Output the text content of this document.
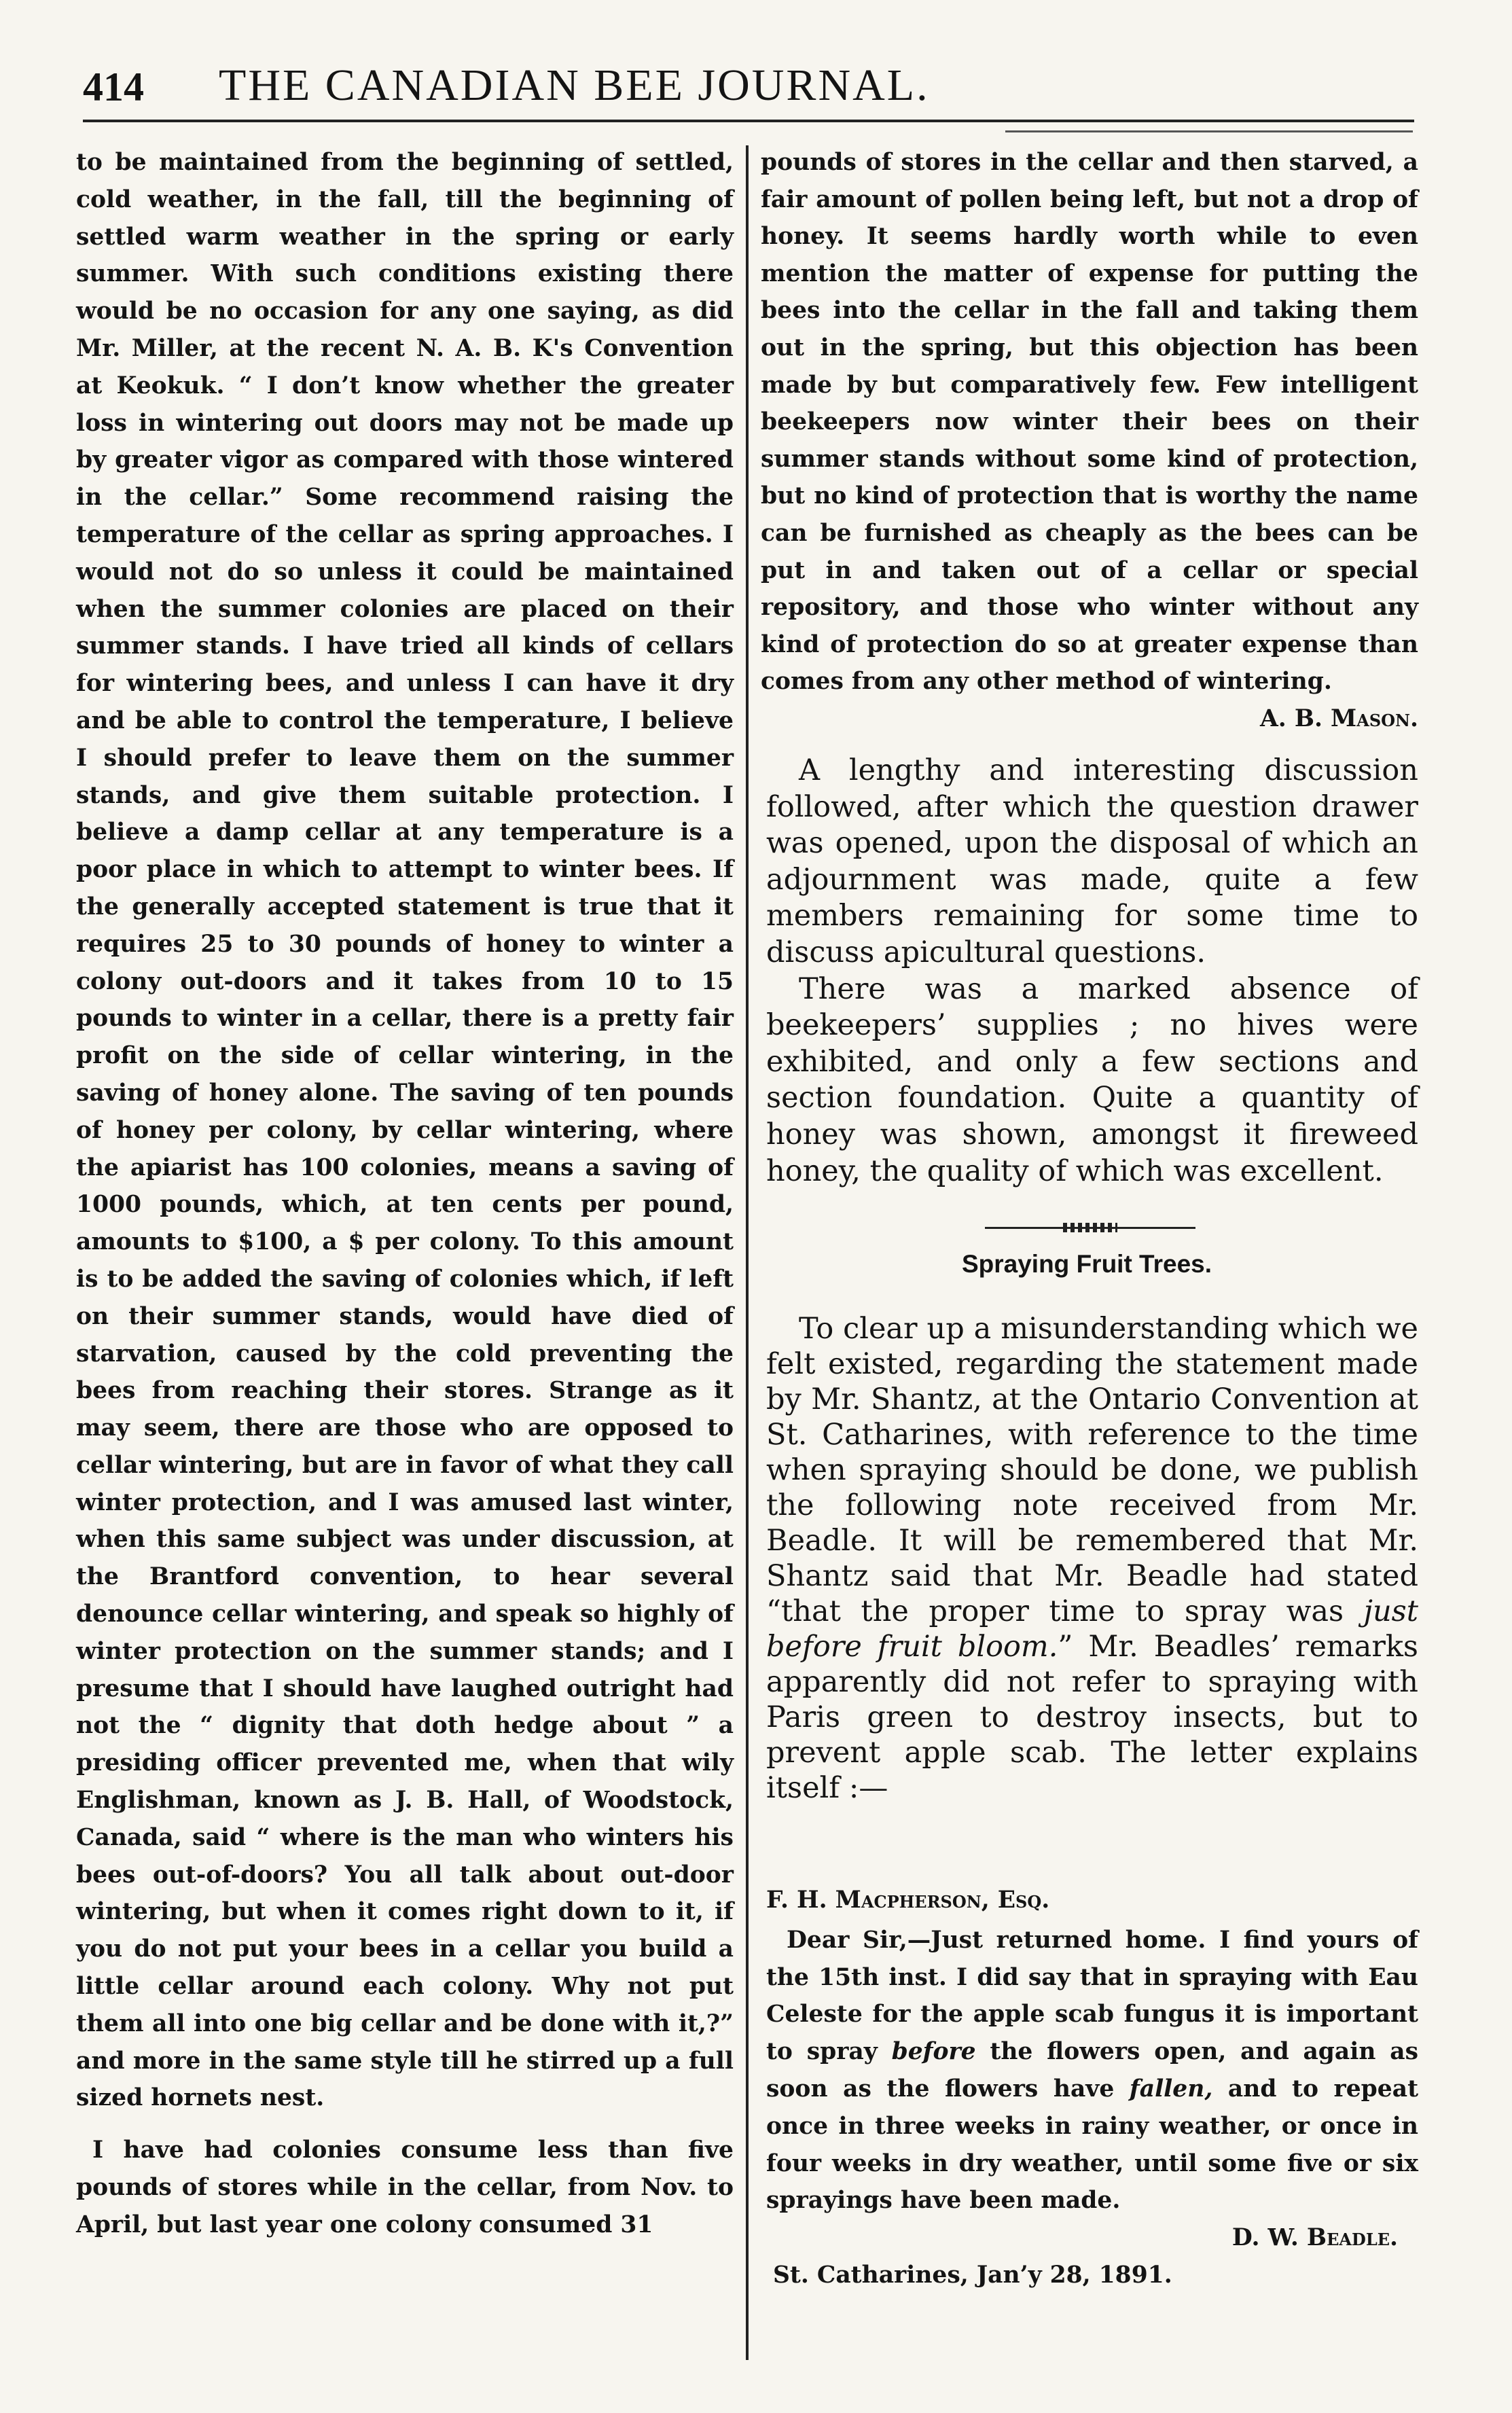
414 THE CANADIAN BEE JOURNAL.

to be maintained from the beginning of settled, cold weather, in the fall, till the beginning of settled warm weather in the spring or early summer. With such conditions existing there would be no occasion for any one saying, as did Mr. Miller, at the recent N. A. B. K's Convention at Keokuk. “ I don’t know whether the greater loss in wintering out doors may not be made up by greater vigor as compared with those wintered in the cellar.” Some recommend raising the temperature of the cellar as spring approaches. I would not do so unless it could be maintained when the summer colonies are placed on their summer stands. I have tried all kinds of cellars for wintering bees, and unless I can have it dry and be able to control the temperature, I believe I should prefer to leave them on the summer stands, and give them suitable protection. I believe a damp cellar at any temperature is a poor place in which to attempt to winter bees. If the generally accepted statement is true that it requires 25 to 30 pounds of honey to winter a colony out-doors and it takes from 10 to 15 pounds to winter in a cellar, there is a pretty fair profit on the side of cellar wintering, in the saving of honey alone. The saving of ten pounds of honey per colony, by cellar wintering, where the apiarist has 100 colonies, means a saving of 1000 pounds, which, at ten cents per pound, amounts to $100, a $ per colony. To this amount is to be added the saving of colonies which, if left on their summer stands, would have died of starvation, caused by the cold preventing the bees from reaching their stores. Strange as it may seem, there are those who are opposed to cellar wintering, but are in favor of what they call winter protection, and I was amused last winter, when this same subject was under discussion, at the Brantford convention, to hear several denounce cellar wintering, and speak so highly of winter protection on the summer stands; and I presume that I should have laughed outright had not the “ dignity that doth hedge about ” a presiding officer prevented me, when that wily Englishman, known as J. B. Hall, of Woodstock, Canada, said “ where is the man who winters his bees out-of-doors? You all talk about out-door wintering, but when it comes right down to it, if you do not put your bees in a cellar you build a little cellar around each colony. Why not put them all into one big cellar and be done with it,?” and more in the same style till he stirred up a full sized hornets nest.

I have had colonies consume less than five pounds of stores while in the cellar, from Nov. to April, but last year one colony consumed 31

pounds of stores in the cellar and then starved, a fair amount of pollen being left, but not a drop of honey. It seems hardly worth while to even mention the matter of expense for putting the bees into the cellar in the fall and taking them out in the spring, but this objection has been made by but comparatively few. Few intelligent beekeepers now winter their bees on their summer stands without some kind of protection, but no kind of protection that is worthy the name can be furnished as cheaply as the bees can be put in and taken out of a cellar or special repository, and those who winter without any kind of protection do so at greater expense than comes from any other method of wintering.

A. B. Mason.

A lengthy and interesting discussion followed, after which the question drawer was opened, upon the disposal of which an adjournment was made, quite a few members remaining for some time to discuss apicultural questions.

There was a marked absence of beekeepers’ supplies ; no hives were exhibited, and only a few sections and section foundation. Quite a quantity of honey was shown, amongst it fireweed honey, the quality of which was excellent.

Spraying Fruit Trees.

To clear up a misunderstanding which we felt existed, regarding the statement made by Mr. Shantz, at the Ontario Convention at St. Catharines, with reference to the time when spraying should be done, we publish the following note received from Mr. Beadle. It will be remembered that Mr. Shantz said that Mr. Beadle had stated “that the proper time to spray was just before fruit bloom.” Mr. Beadles’ remarks apparently did not refer to spraying with Paris green to destroy insects, but to prevent apple scab. The letter explains itself :—

F. H. Macpherson, Esq.

Dear Sir,—Just returned home. I find yours of the 15th inst. I did say that in spraying with Eau Celeste for the apple scab fungus it is important to spray before the flowers open, and again as soon as the flowers have fallen, and to repeat once in three weeks in rainy weather, or once in four weeks in dry weather, until some five or six sprayings have been made.

D. W. Beadle.

St. Catharines, Jan’y 28, 1891.
